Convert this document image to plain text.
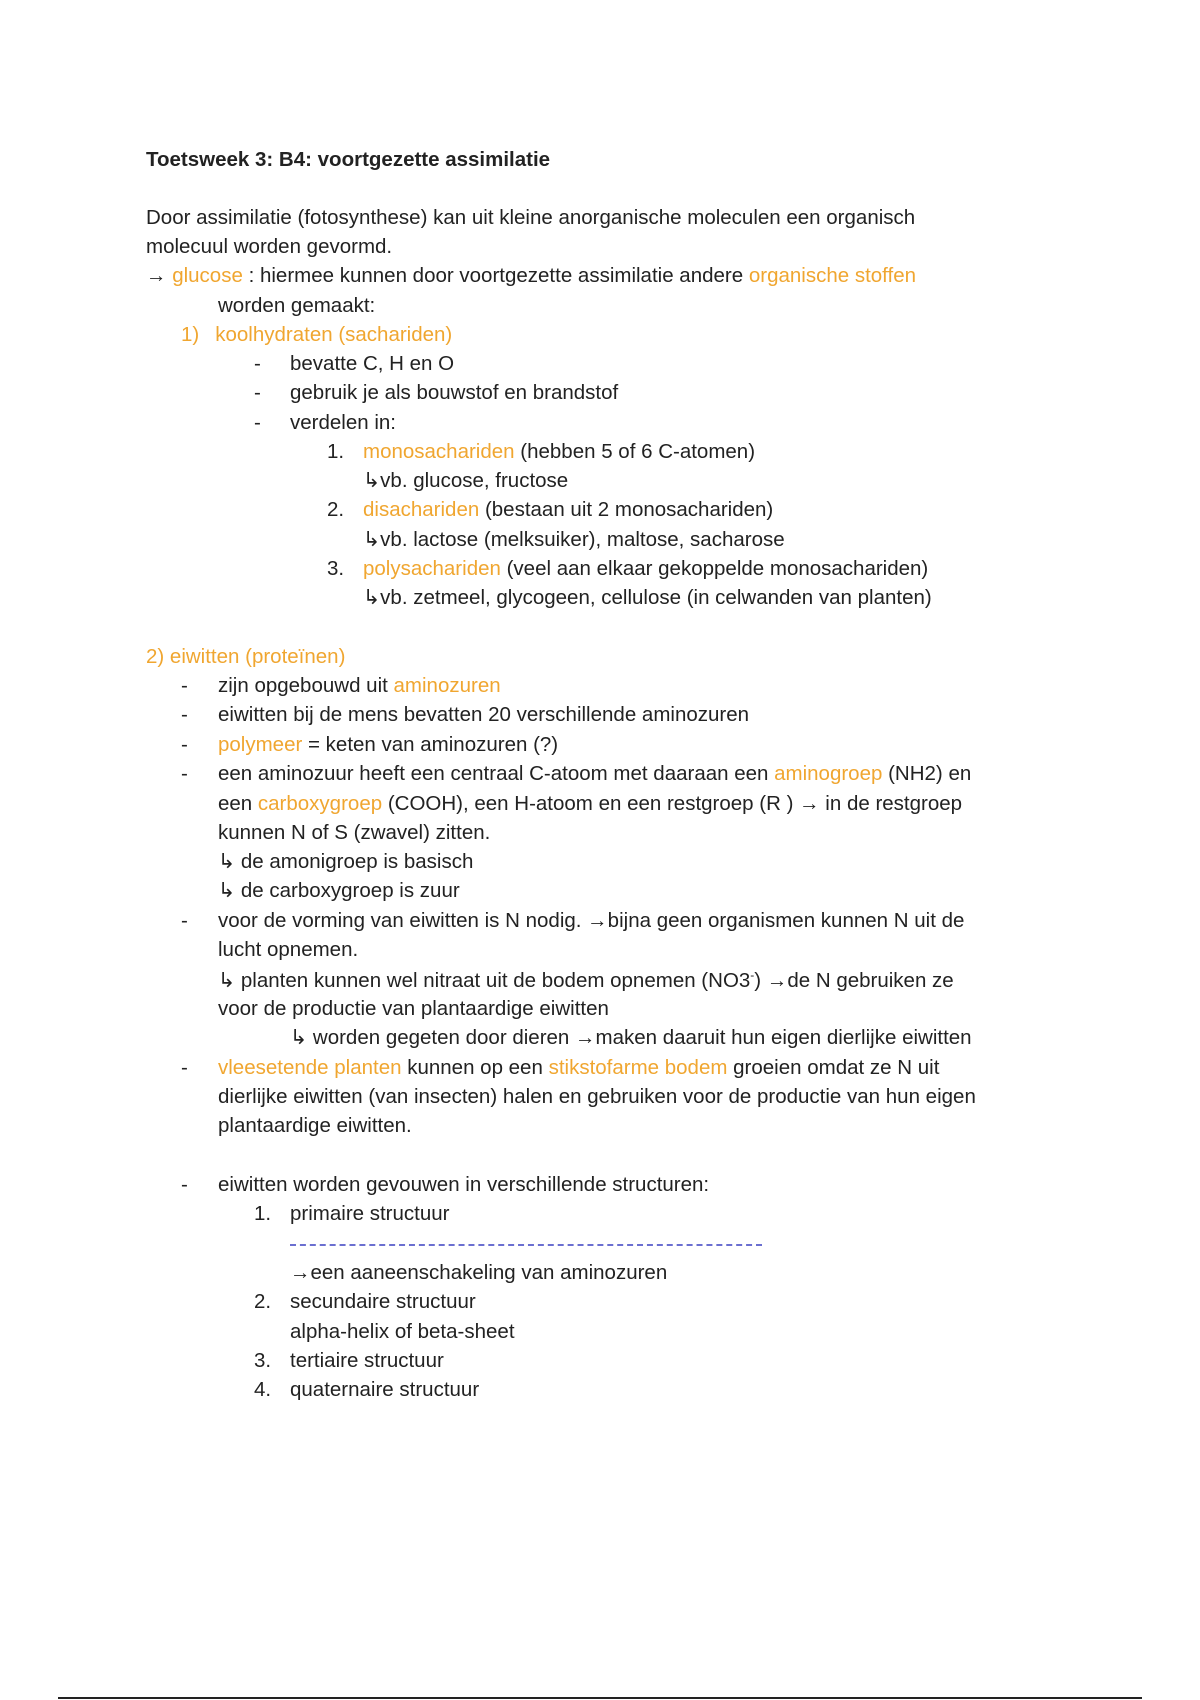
Toetsweek 3: B4: voortgezette assimilatie
Door assimilatie (fotosynthese) kan uit kleine anorganische moleculen een organisch
molecuul worden gevormd.
→ glucose : hiermee kunnen door voortgezette assimilatie andere organische stoffen
worden gemaakt:
1) koolhydraten (sachariden)
- bevatte C, H en O
- gebruik je als bouwstof en brandstof
- verdelen in:
1. monosachariden (hebben 5 of 6 C-atomen)
↳vb. glucose, fructose
2. disachariden (bestaan uit 2 monosachariden)
↳vb. lactose (melksuiker), maltose, sacharose
3. polysachariden (veel aan elkaar gekoppelde monosachariden)
↳vb. zetmeel, glycogeen, cellulose (in celwanden van planten)
2) eiwitten (proteïnen)
- zijn opgebouwd uit aminozuren
- eiwitten bij de mens bevatten 20 verschillende aminozuren
- polymeer = keten van aminozuren (?)
- een aminozuur heeft een centraal C-atoom met daaraan een aminogroep (NH2) en
een carboxygroep (COOH), een H-atoom en een restgroep (R ) → in de restgroep
kunnen N of S (zwavel) zitten.
↳ de amonigroep is basisch
↳ de carboxygroep is zuur
- voor de vorming van eiwitten is N nodig. →bijna geen organismen kunnen N uit de
lucht opnemen.
↳ planten kunnen wel nitraat uit de bodem opnemen (NO3-) →de N gebruiken ze
voor de productie van plantaardige eiwitten
↳ worden gegeten door dieren →maken daaruit hun eigen dierlijke eiwitten
- vleesetende planten kunnen op een stikstofarme bodem groeien omdat ze N uit
dierlijke eiwitten (van insecten) halen en gebruiken voor de productie van hun eigen
plantaardige eiwitten.
- eiwitten worden gevouwen in verschillende structuren:
1. primaire structuur
→een aaneenschakeling van aminozuren
2. secundaire structuur
alpha-helix of beta-sheet
3. tertiaire structuur
4. quaternaire structuur
